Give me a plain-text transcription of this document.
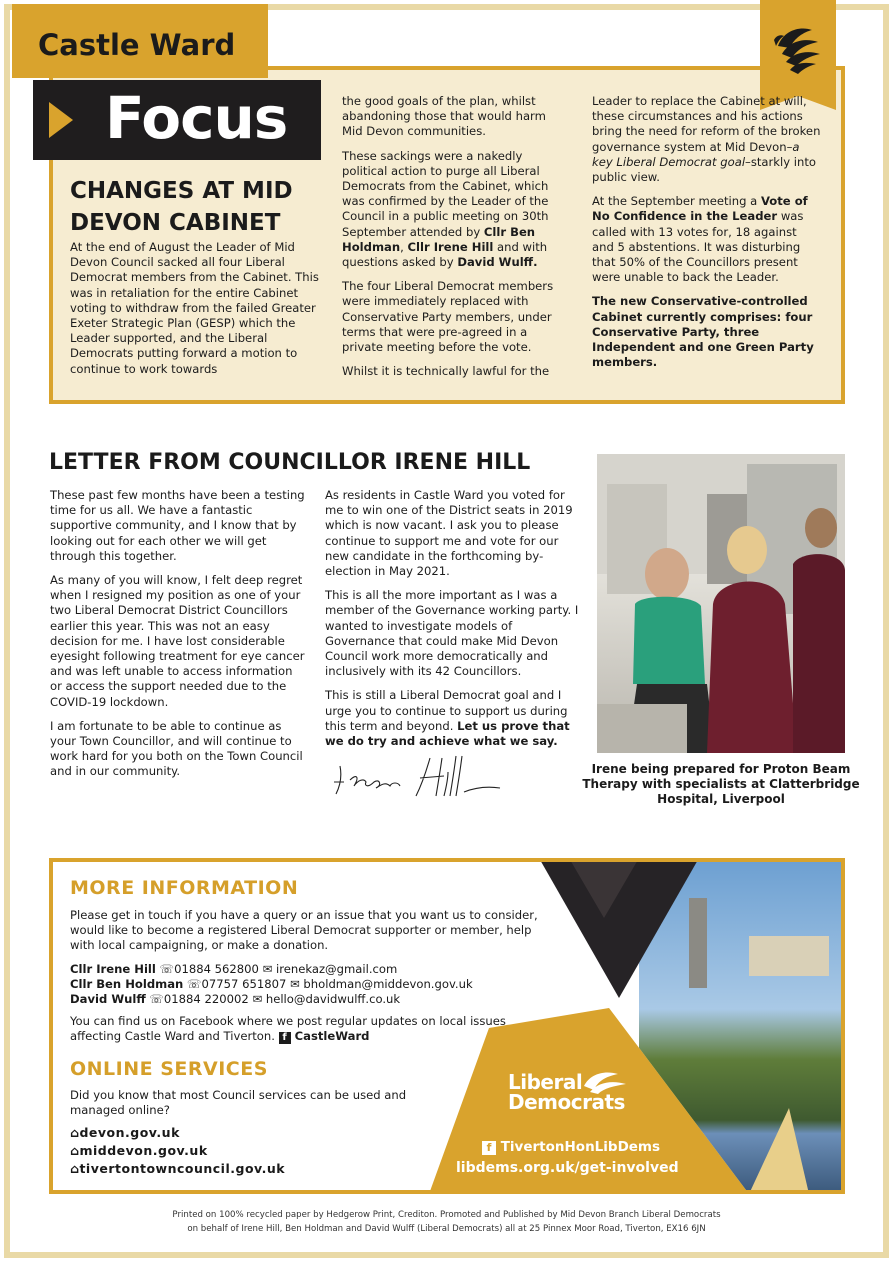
Castle Ward
Focus
CHANGES AT MID DEVON CABINET

At the end of August the Leader of Mid Devon Council sacked all four Liberal Democrat members from the Cabinet. This was in retaliation for the entire Cabinet voting to withdraw from the failed Greater Exeter Strategic Plan (GESP) which the Leader supported, and the Liberal Democrats putting forward a motion to continue to work towards

the good goals of the plan, whilst abandoning those that would harm Mid Devon communities.

These sackings were a nakedly political action to purge all Liberal Democrats from the Cabinet, which was confirmed by the Leader of the Council in a public meeting on 30th September attended by Cllr Ben Holdman, Cllr Irene Hill and with questions asked by David Wulff.

The four Liberal Democrat members were immediately replaced with Conservative Party members, under terms that were pre-agreed in a private meeting before the vote.

Whilst it is technically lawful for the

Leader to replace the Cabinet at will, these circumstances and his actions bring the need for reform of the broken governance system at Mid Devon–a key Liberal Democrat goal–starkly into public view.

At the September meeting a Vote of No Confidence in the Leader was called with 13 votes for, 18 against and 5 abstentions. It was disturbing that 50% of the Councillors present were unable to back the Leader.

The new Conservative-controlled Cabinet currently comprises: four Conservative Party, three Independent and one Green Party members.

LETTER FROM COUNCILLOR IRENE HILL

These past few months have been a testing time for us all. We have a fantastic supportive community, and I know that by looking out for each other we will get through this together.

As many of you will know, I felt deep regret when I resigned my position as one of your two Liberal Democrat District Councillors earlier this year. This was not an easy decision for me. I have lost considerable eyesight following treatment for eye cancer and was left unable to access information or access the support needed due to the COVID-19 lockdown.

I am fortunate to be able to continue as your Town Councillor, and will continue to work hard for you both on the Town Council and in our community.

As residents in Castle Ward you voted for me to win one of the District seats in 2019 which is now vacant. I ask you to please continue to support me and vote for our new candidate in the forthcoming by-election in May 2021.

This is all the more important as I was a member of the Governance working party. I wanted to investigate models of Governance that could make Mid Devon Council work more democratically and inclusively with its 42 Councillors.

This is still a Liberal Democrat goal and I urge you to continue to support us during this term and beyond. Let us prove that we do try and achieve what we say.

Irene being prepared for Proton Beam Therapy with specialists at Clatterbridge Hospital, Liverpool
MORE INFORMATION
Please get in touch if you have a query or an issue that you want us to consider, would like to become a registered Liberal Democrat supporter or member, help with local campaigning, or make a donation.
Cllr Irene Hill ☏01884 562800 ✉ irenekaz@gmail.com
Cllr Ben Holdman ☏07757 651807 ✉ bholdman@middevon.gov.uk
David Wulff ☏01884 220002 ✉ hello@davidwulff.co.uk
You can find us on Facebook where we post regular updates on local issues affecting Castle Ward and Tiverton. f CastleWard
ONLINE SERVICES
Did you know that most Council services can be used and managed online?
⌂devon.gov.uk
⌂middevon.gov.uk
⌂tivertontowncouncil.gov.uk
Liberal
Democrats
f TivertonHonLibDems
libdems.org.uk/get-involved
Printed on 100% recycled paper by Hedgerow Print, Crediton. Promoted and Published by Mid Devon Branch Liberal Democrats
on behalf of Irene Hill, Ben Holdman and David Wulff (Liberal Democrats) all at 25 Pinnex Moor Road, Tiverton, EX16 6JN
